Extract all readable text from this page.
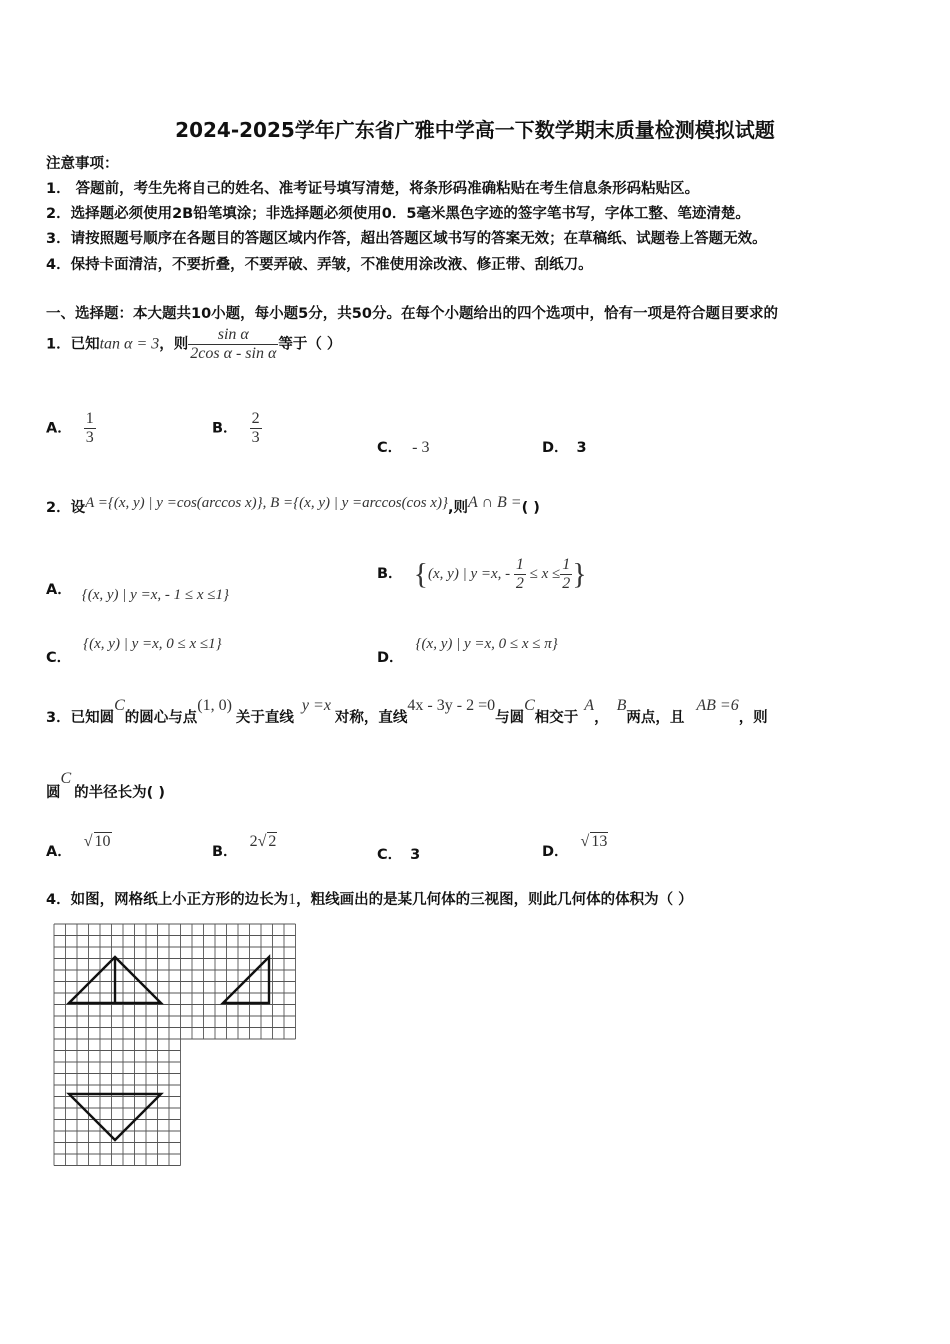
2024-2025学年广东省广雅中学高一下数学期末质量检测模拟试题
注意事项：
1． 答题前，考生先将自己的姓名、准考证号填写清楚，将条形码准确粘贴在考生信息条形码粘贴区。
2．选择题必须使用2B铅笔填涂；非选择题必须使用0．5毫米黑色字迹的签字笔书写，字体工整、笔迹清楚。
3．请按照题号顺序在各题目的答题区域内作答，超出答题区域书写的答案无效；在草稿纸、试题卷上答题无效。
4．保持卡面清洁，不要折叠，不要弄破、弄皱，不准使用涂改液、修正带、刮纸刀。
一、选择题：本大题共10小题，每小题5分，共50分。在每个小题给出的四个选项中，恰有一项是符合题目要求的
1．已知tan α = 3，则 $\frac{\text{sin α}}{\text{2cos α - sin α}}$ 等于（ ）
A． $\frac{1}{3}$	B． $\frac{2}{3}$
C． - 3	D． 3
2．设A ={(x, y) | y =cos(arccos x)}, B ={(x, y) | y =arccos(cos x)},则A ∩ B =( )
A． {(x, y) | y =x, - 1 ≤ x ≤1}
B． {(x, y) | y =x, - $\frac{1}{2} \le x \le \frac{1}{2}$ }
C．{(x, y) | y =x, 0 ≤ x ≤1}
D．{(x, y) | y =x, 0 ≤ x ≤ π}
3．已知圆C的圆心与点(1, 0)关于直线y =x对称，直线4x - 3y - 2 =0与圆C相交于A，B两点，且AB =6，则
圆C的半径长为( )
A．√ 10
B．2√ 2
C． 3	D．√ 13
4．如图，网格纸上小正方形的边长为1，粗线画出的是某几何体的三视图，则此几何体的体积为（ ）
